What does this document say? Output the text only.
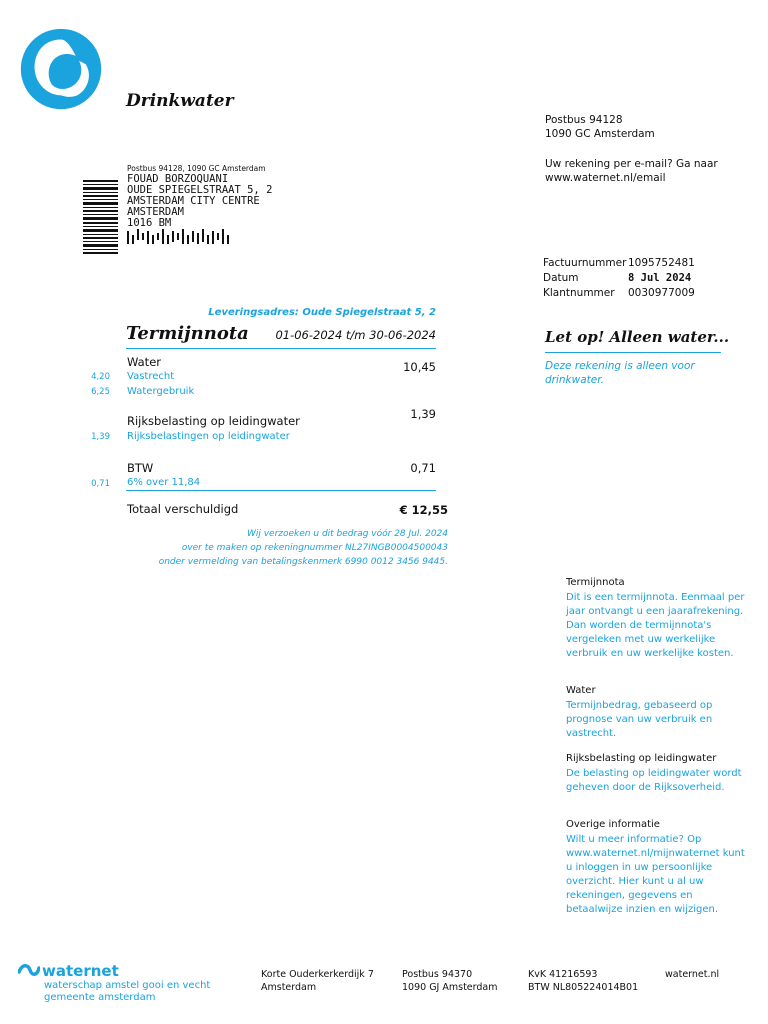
Drinkwater
Postbus 94128
1090 GC Amsterdam
Uw rekening per e-mail? Ga naar
www.waternet.nl/email
Postbus 94128, 1090 GC Amsterdam
FOUAD BORZOQUANI
OUDE SPIEGELSTRAAT 5, 2
AMSTERDAM CITY CENTRE
AMSTERDAM
1016 BM
Factuurnummer 1095752481
Datum	8 Jul 2024
Klantnummer 0030977009
Leveringsadres: Oude Spiegelstraat 5, 2
Termijnnota	01-06-2024 t/m 30-06-2024
Water	10,45
4,20 Vastrecht
6,25 Watergebruik
Rijksbelasting op leidingwater	1,39
1,39 Rijksbelastingen op leidingwater
BTW	0,71
0,71 6% over 11,84
Totaal verschuldigd	€ 12,55
Wij verzoeken u dit bedrag vóór 28 Jul. 2024
over te maken op rekeningnummer NL27INGB0004500043
onder vermelding van betalingskenmerk 6990 0012 3456 9445.
Let op! Alleen water...
Deze rekening is alleen voor drinkwater.
Termijnnota
Dit is een termijnnota. Eenmaal per jaar ontvangt u een jaarafrekening. Dan worden de termijnnota's vergeleken met uw werkelijke verbruik en uw werkelijke kosten.
Water
Termijnbedrag, gebaseerd op prognose van uw verbruik en vastrecht.
Rijksbelasting op leidingwater
De belasting op leidingwater wordt geheven door de Rijksoverheid.
Overige informatie
Wilt u meer informatie? Op www.waternet.nl/mijnwaternet kunt u inloggen in uw persoonlijke overzicht. Hier kunt u al uw rekeningen, gegevens en betaalwijze inzien en wijzigen.
waternet
waterschap amstel gooi en vecht
gemeente amsterdam
Korte Ouderkerkerdijk 7
Amsterdam
Postbus 94370
1090 GJ Amsterdam
KvK 41216593
BTW NL805224014B01
waternet.nl
